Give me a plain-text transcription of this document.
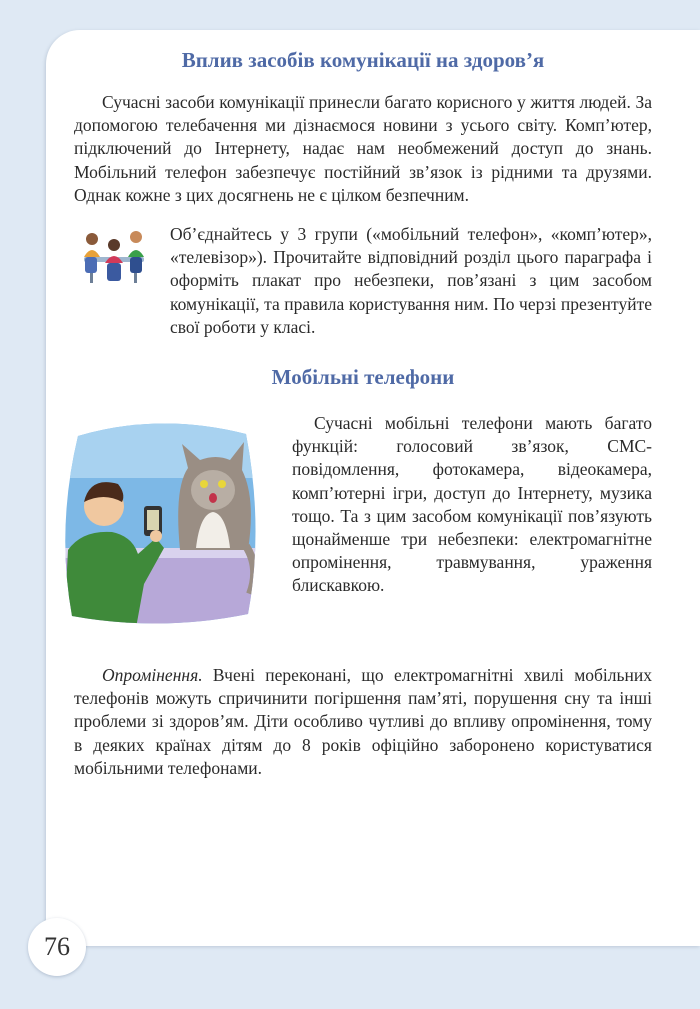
Вплив засобів комунікації на здоров’я

Сучасні засоби комунікації принесли багато корисного у життя людей. За допомогою телебачення ми дізнаємося новини з усього світу. Комп’ютер, підключений до Інтернету, надає нам необмежений доступ до знань. Мобільний телефон забезпечує постійний зв’язок із рідними та друзями. Однак кожне з цих досягнень не є цілком безпечним.

Об’єднайтесь у 3 групи («мобільний телефон», «комп’ютер», «телевізор»). Прочитайте відповідний розділ цього параграфа і оформіть плакат про небезпеки, пов’язані з цим засобом комунікації, та правила користування ним. По черзі презентуйте свої роботи у класі.

Мобільні телефони

Сучасні мобільні телефони мають багато функцій: голосовий зв’язок, СМС-повідомлення, фотокамера, відеокамера, комп’ютерні ігри, доступ до Інтернету, музика тощо. Та з цим засобом комунікації пов’язують щонайменше три небезпеки: електромагнітне опромінення, травмування, ураження блискавкою.

Опромінення. Вчені переконані, що електромагнітні хвилі мобільних телефонів можуть спричинити погіршення пам’яті, порушення сну та інші проблеми зі здоров’ям. Діти особливо чутливі до впливу опромінення, тому в деяких країнах дітям до 8 років офіційно заборонено користуватися мобільними телефонами.

76
